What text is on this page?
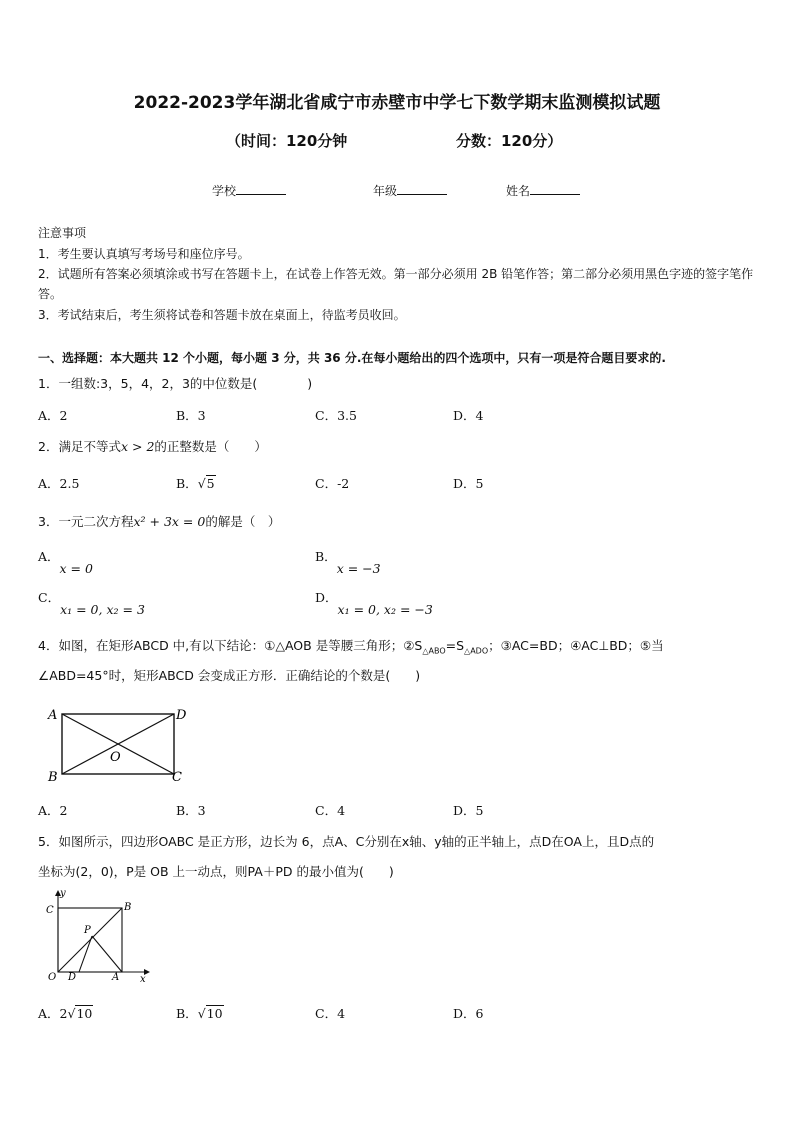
2022-2023学年湖北省咸宁市赤壁市中学七下数学期末监测模拟试题
（时间：120分钟	分数：120分）
学校	年级	姓名
注意事项
1．考生要认真填写考场号和座位序号。
2．试题所有答案必须填涂或书写在答题卡上，在试卷上作答无效。第一部分必须用 2B 铅笔作答；第二部分必须用黑色字迹的签字笔作答。
3．考试结束后，考生须将试卷和答题卡放在桌面上，待监考员收回。
一、选择题：本大题共 12 个小题，每小题 3 分，共 36 分.在每小题给出的四个选项中，只有一项是符合题目要求的.
1．一组数:3，5，4，2，3的中位数是(　　　　)
A．2	B．3	C．3.5	D．4
2．满足不等式x > 2的正整数是（　　）
A．2.5	B．√5	C．-2	D．5
3．一元二次方程x² + 3x = 0的解是（　）
A．x = 0
B．x = −3
C．x₁ = 0, x₂ = 3
D．x₁ = 0, x₂ = −3
4．如图，在矩形ABCD 中,有以下结论：①△AOB 是等腰三角形；$②S_{\triangle ABO}=S_{\triangle ADO}$；③AC=BD；④AC⊥BD；⑤当
∠ABD=45°时，矩形ABCD 会变成正方形．正确结论的个数是(　　)
A	D
B	C
O
A．2	B．3	C．4	D．5
5．如图所示，四边形OABC 是正方形，边长为 6，点A、C分别在x轴、y轴的正半轴上，点D在OA上，且D点的
坐标为(2，0)，P是 OB 上一动点，则PA＋PD 的最小值为(　　)
y
x
C	B
P
O D	A
A．2√10	B．√10	C．4	D．6
